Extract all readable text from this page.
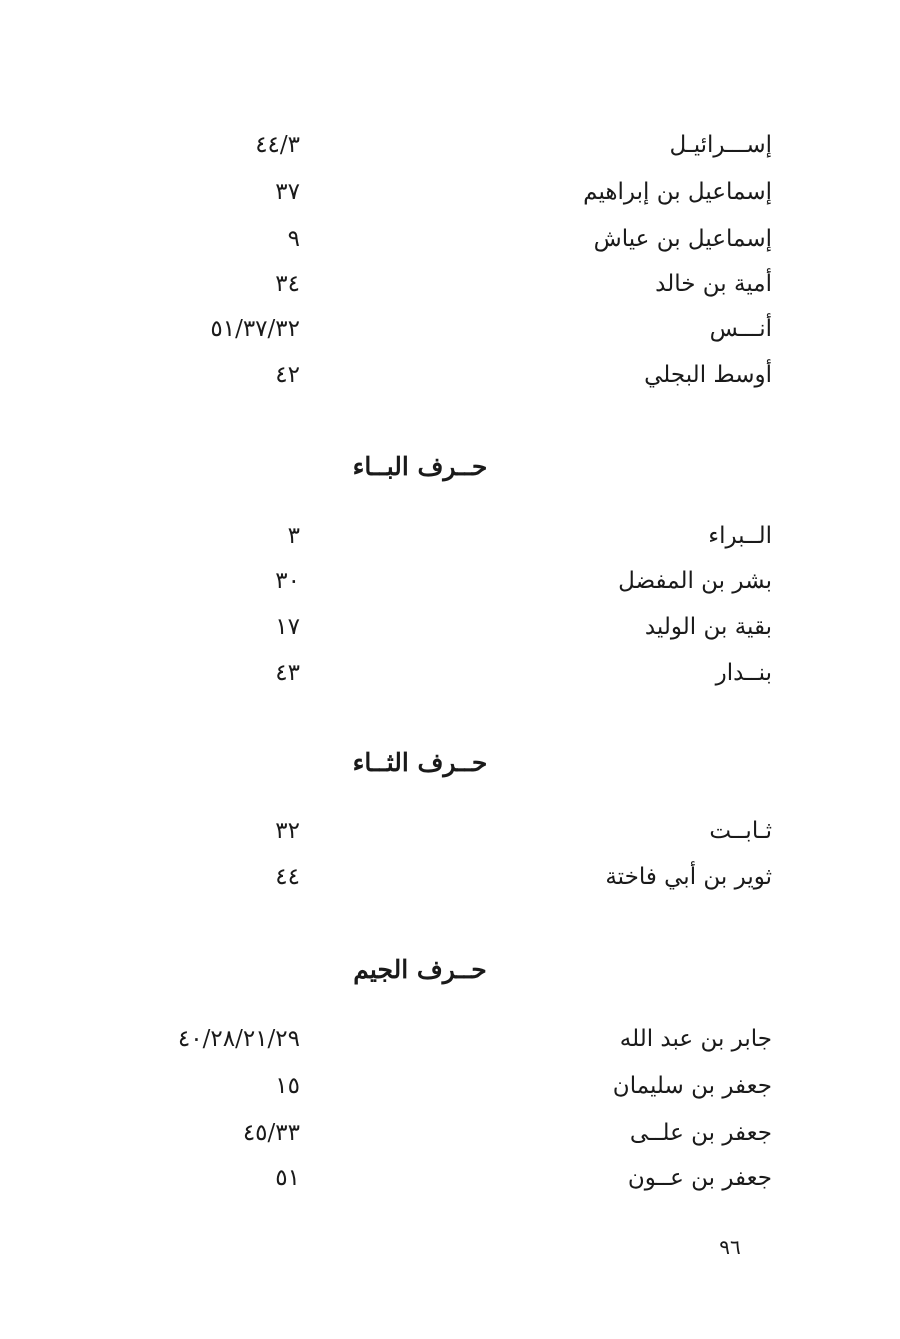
إســـرائيـل
٤٤/٣
إسماعيل بن إبراهيم
٣٧
إسماعيل بن عياش
٩
أمية بن خالد
٣٤
أنـــس
٥١/٣٧/٣٢
أوسط البجلي
٤٢
حــرف البــاء
الــبراء
٣
بشر بن المفضل
٣٠
بقية بن الوليد
١٧
بنــدار
٤٣
حــرف الثــاء
ثـابــت
٣٢
ثوير بن أبي فاختة
٤٤
حــرف الجيم
جابر بن عبد الله
٤٠/٢٨/٢١/٢٩
جعفر بن سليمان
١٥
جعفر بن علــى
٤٥/٣٣
جعفر بن عــون
٥١
٩٦
